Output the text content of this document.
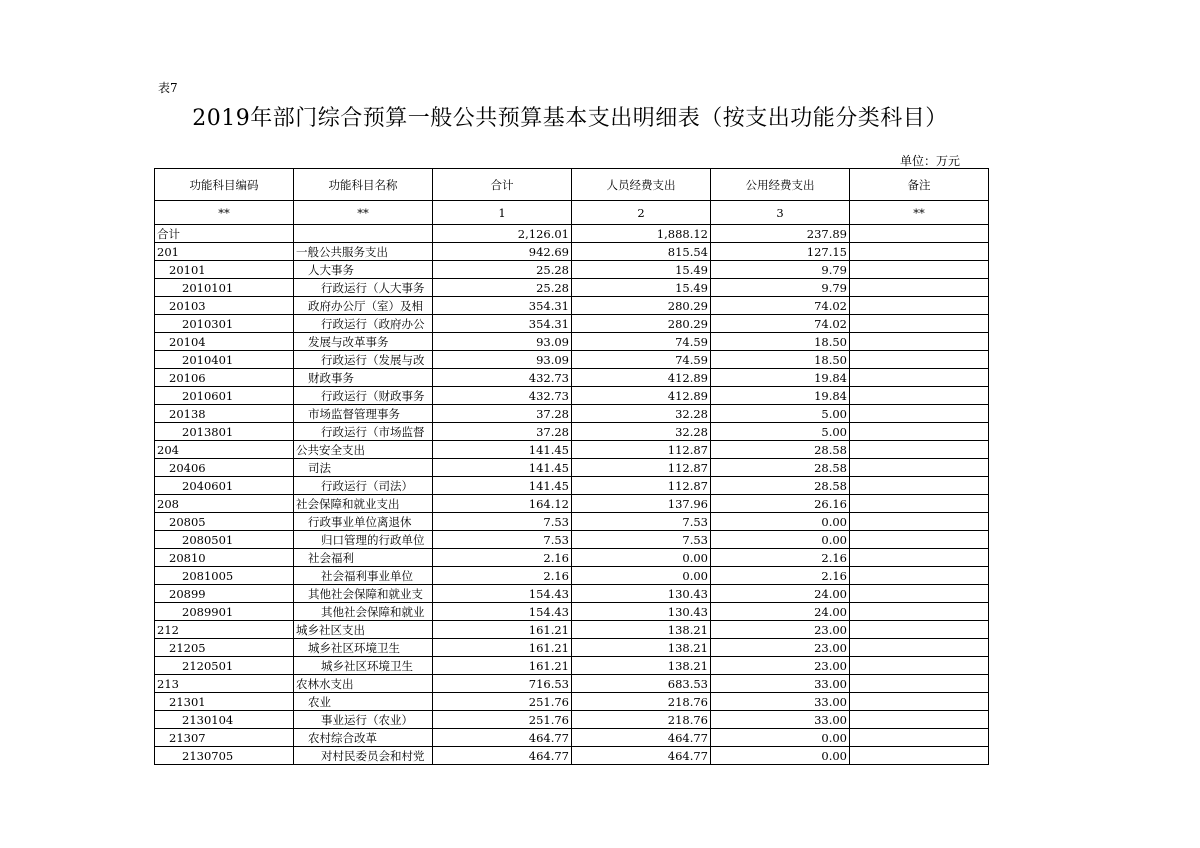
表7
2019年部门综合预算一般公共预算基本支出明细表（按支出功能分类科目）
单位：万元
功能科目编码	功能科目名称	合计	人员经费支出	公用经费支出	备注
**	**	1	2	3	**
合计		2,126.01	1,888.12	237.89	
201	一般公共服务支出	942.69	815.54	127.15	
20101	人大事务	25.28	15.49	9.79	
2010101	行政运行（人大事务	25.28	15.49	9.79	
20103	政府办公厅（室）及相	354.31	280.29	74.02	
2010301	行政运行（政府办公	354.31	280.29	74.02	
20104	发展与改革事务	93.09	74.59	18.50	
2010401	行政运行（发展与改	93.09	74.59	18.50	
20106	财政事务	432.73	412.89	19.84	
2010601	行政运行（财政事务	432.73	412.89	19.84	
20138	市场监督管理事务	37.28	32.28	5.00	
2013801	行政运行（市场监督	37.28	32.28	5.00	
204	公共安全支出	141.45	112.87	28.58	
20406	司法	141.45	112.87	28.58	
2040601	行政运行（司法）	141.45	112.87	28.58	
208	社会保障和就业支出	164.12	137.96	26.16	
20805	行政事业单位离退休	7.53	7.53	0.00	
2080501	归口管理的行政单位	7.53	7.53	0.00	
20810	社会福利	2.16	0.00	2.16	
2081005	社会福利事业单位	2.16	0.00	2.16	
20899	其他社会保障和就业支	154.43	130.43	24.00	
2089901	其他社会保障和就业	154.43	130.43	24.00	
212	城乡社区支出	161.21	138.21	23.00	
21205	城乡社区环境卫生	161.21	138.21	23.00	
2120501	城乡社区环境卫生	161.21	138.21	23.00	
213	农林水支出	716.53	683.53	33.00	
21301	农业	251.76	218.76	33.00	
2130104	事业运行（农业）	251.76	218.76	33.00	
21307	农村综合改革	464.77	464.77	0.00	
2130705	对村民委员会和村党	464.77	464.77	0.00	
